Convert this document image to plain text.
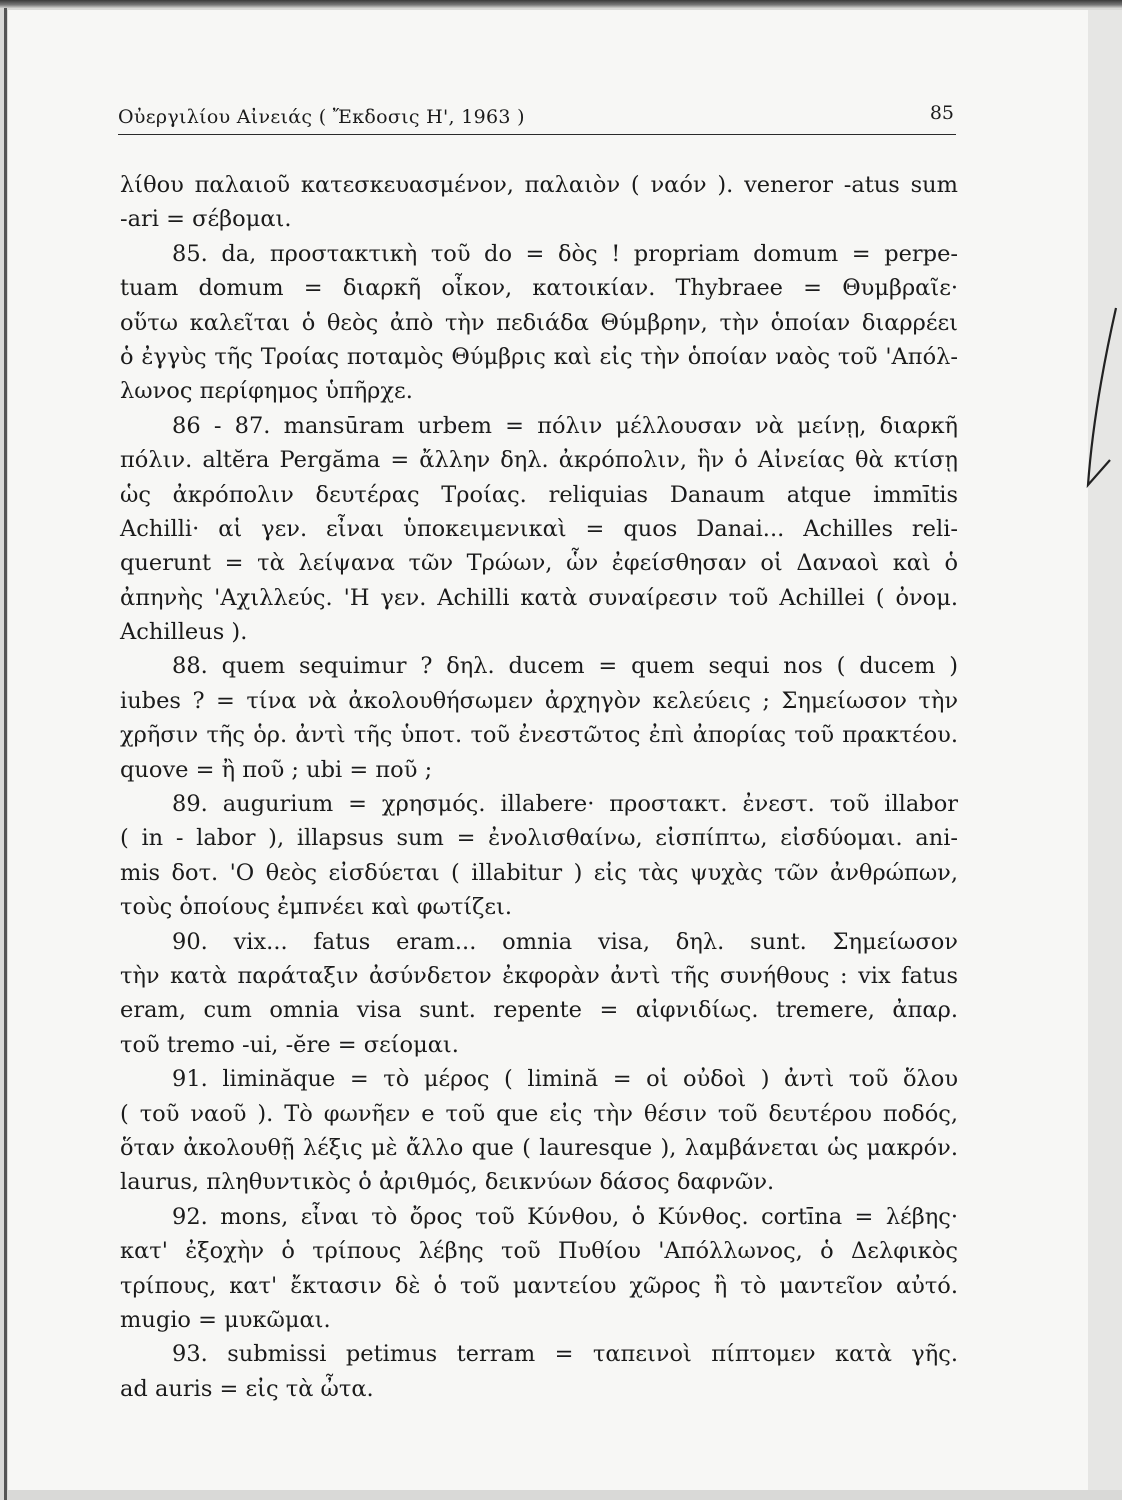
Οὐεργιλίου Αἰνειάς ( Ἔκδοσις Η', 1963 )	85
λίθου παλαιοῦ κατεσκευασμένον, παλαιὸν ( ναόν ). veneror -atus sum
-ari = σέβομαι.
85. da, προστακτικὴ τοῦ do = δὸς ! propriam domum = perpe-
tuam domum = διαρκῆ οἶκον, κατοικίαν. Thybraee = Θυμβραῖε·
οὕτω καλεῖται ὁ θεὸς ἀπὸ τὴν πεδιάδα Θύμβρην, τὴν ὁποίαν διαρρέει
ὁ ἐγγὺς τῆς Τροίας ποταμὸς Θύμβρις καὶ εἰς τὴν ὁποίαν ναὸς τοῦ 'Απόλ-
λωνος περίφημος ὑπῆρχε.
86 - 87. mansūram urbem = πόλιν μέλλουσαν νὰ μείνῃ, διαρκῆ
πόλιν. altĕra Pergăma = ἄλλην δηλ. ἀκρόπολιν, ἣν ὁ Αἰνείας θὰ κτίσῃ
ὡς ἀκρόπολιν δευτέρας Τροίας. reliquias Danaum atque immītis
Achilli· αἱ γεν. εἶναι ὑποκειμενικαὶ = quos Danai... Achilles reli-
querunt = τὰ λείψανα τῶν Τρώων, ὧν ἐφείσθησαν οἱ Δαναοὶ καὶ ὁ
ἀπηνὴς 'Αχιλλεύς. 'Η γεν. Achilli κατὰ συναίρεσιν τοῦ Achillei ( ὀνομ.
Achilleus ).
88. quem sequimur ? δηλ. ducem = quem sequi nos ( ducem )
iubes ? = τίνα νὰ ἀκολουθήσωμεν ἀρχηγὸν κελεύεις ; Σημείωσον τὴν
χρῆσιν τῆς ὁρ. ἀντὶ τῆς ὑποτ. τοῦ ἐνεστῶτος ἐπὶ ἀπορίας τοῦ πρακτέου.
quove = ἢ ποῦ ; ubi = ποῦ ;
89. augurium = χρησμός. illabere· προστακτ. ἐνεστ. τοῦ illabor
( in - labor ), illapsus sum = ἐνολισθαίνω, εἰσπίπτω, εἰσδύομαι. ani-
mis δοτ. 'Ο θεὸς εἰσδύεται ( illabitur ) εἰς τὰς ψυχὰς τῶν ἀνθρώπων,
τοὺς ὁποίους ἐμπνέει καὶ φωτίζει.
90. vix... fatus eram... omnia visa, δηλ. sunt. Σημείωσον
τὴν κατὰ παράταξιν ἀσύνδετον ἐκφορὰν ἀντὶ τῆς συνήθους : vix fatus
eram, cum omnia visa sunt. repente = αἰφνιδίως. tremere, ἀπαρ.
τοῦ tremo -ui, -ĕre = σείομαι.
91. liminăque = τὸ μέρος ( limină = οἱ οὐδοὶ ) ἀντὶ τοῦ ὅλου
( τοῦ ναοῦ ). Τὸ φωνῆεν e τοῦ que εἰς τὴν θέσιν τοῦ δευτέρου ποδός,
ὅταν ἀκολουθῇ λέξις μὲ ἄλλο que ( lauresque ), λαμβάνεται ὡς μακρόν.
laurus, πληθυντικὸς ὁ ἀριθμός, δεικνύων δάσος δαφνῶν.
92. mons, εἶναι τὸ ὄρος τοῦ Κύνθου, ὁ Κύνθος. cortīna = λέβης·
κατ' ἐξοχὴν ὁ τρίπους λέβης τοῦ Πυθίου 'Απόλλωνος, ὁ Δελφικὸς
τρίπους, κατ' ἔκτασιν δὲ ὁ τοῦ μαντείου χῶρος ἢ τὸ μαντεῖον αὐτό.
mugio = μυκῶμαι.
93. submissi petimus terram = ταπεινοὶ πίπτομεν κατὰ γῆς.
ad auris = εἰς τὰ ὦτα.
